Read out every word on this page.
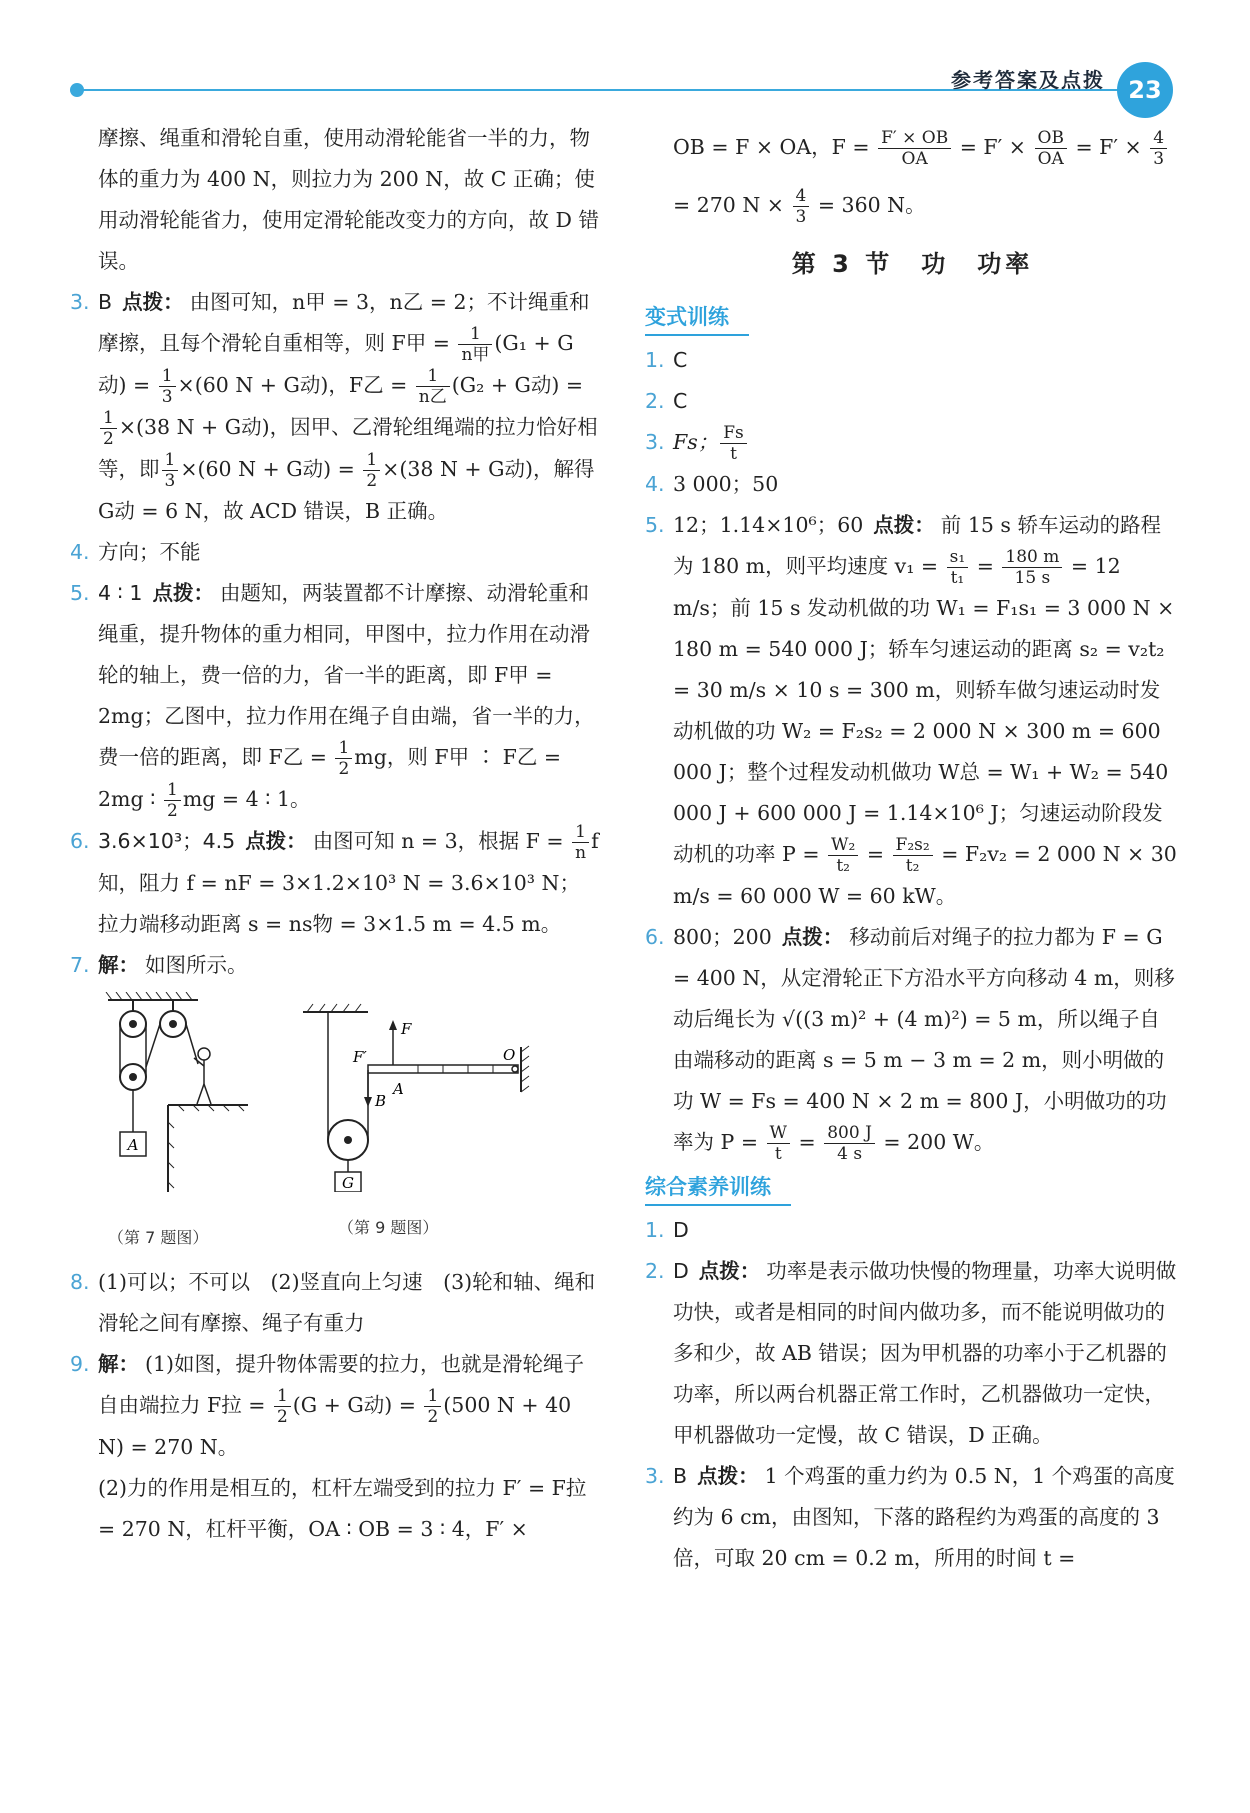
参考答案及点拨 23
摩擦、绳重和滑轮自重，使用动滑轮能省一半的力，物体的重力为 400 N，则拉力为 200 N，故 C 正确；使用动滑轮能省力，使用定滑轮能改变力的方向，故 D 错误。
3. B 点拨： 由图可知，n甲 = 3，n乙 = 2；不计绳重和摩擦，且每个滑轮自重相等，则 F甲 = $\frac{1}{\text{n甲}} (G_1 + G$动) = $\frac{1}{3} \times(60$ N + G动)，F乙 = $\frac{1}{\text{n乙}} (G_2 + G$动) =
$\frac{1}{2} \times(38$ N + G动)，因甲、乙滑轮组绳端的拉力恰好相等，即 $\frac{1}{3} \times(60$ N + G动) = $\frac{1}{2} \times(38$ N + G动)，解得 G动 = 6 N，故 ACD 错误，B 正确。
4. 方向；不能
5. 4 ∶ 1 点拨： 由题知，两装置都不计摩擦、动滑轮重和绳重，提升物体的重力相同，甲图中，拉力作用在动滑轮的轴上，费一倍的力，省一半的距离，即 F甲 = 2mg；乙图中，拉力作用在绳子自由端，省一半的力，费一倍的距离，即 F乙 = $\frac{1}{2}$ mg，则 F甲 ∶ F乙 = 2mg ∶ $\frac{1}{2}$ mg = 4 ∶ 1。
6. 3.6×10³；4.5 点拨： 由图可知 n = 3，根据 $F = \frac{1}{n}$ f 知，阻力 f = nF = 3×1.2×10³ N = 3.6×10³ N；拉力端移动距离 s = ns物 = 3×1.5 m = 4.5 m。
7. 解： 如图所示。
A
（第 7 题图）
G
F
F′
B
A
O
（第 9 题图）
8. (1)可以；不可以　(2)竖直向上匀速　(3)轮和轴、绳和滑轮之间有摩擦、绳子有重力
9. 解： (1)如图，提升物体需要的拉力，也就是滑轮绳子自由端拉力 F拉 = $\frac{1}{2} (G + G$动) = $\frac{1}{2} (500$ N + 40 N) = 270 N。
(2)力的作用是相互的，杠杆左端受到的拉力 F′ = F拉 = 270 N，杠杆平衡，OA ∶ OB = 3 ∶ 4，F′ ×
OB = F × OA，$F = \frac{F' \times OB}{OA} = F' \times \frac{OB}{OA} = F' \times \frac{4}{3}$
= 270 $N \times \frac{4}{3} = 360$ N。
第 3 节　功　功率
变式训练
1. C
2. C
3. Fs； $\frac{Fs}{t}$
4. 3 000；50
5. 12；1.14×10⁶；60 点拨： 前 15 s 轿车运动的路程为 180 m，则平均速度 $v_1 = \frac{\text{s₁}}{\text{t₁}} = \frac{180 m}{15 s} = 12$ m/s；前 15 s 发动机做的功 W₁ = F₁s₁ = 3 000 N × 180 m = 540 000 J；轿车匀速运动的距离 s₂ = v₂t₂ = 30 m/s × 10 s = 300 m，则轿车做匀速运动时发动机做的功 W₂ = F₂s₂ = 2 000 N × 300 m = 600 000 J；整个过程发动机做功 W总 = W₁ + W₂ = 540 000 J + 600 000 J = 1.14×10⁶ J；匀速运动阶段发动机的功率 $P = \frac{\text{W₂}}{\text{t₂}} = \frac{\text{F₂s₂}}{\text{t₂}} = F_2v_2 = 2$ 000 N × 30 m/s = 60 000 W = 60 kW。
6. 800；200 点拨： 移动前后对绳子的拉力都为 F = G = 400 N，从定滑轮正下方沿水平方向移动 4 m，则移动后绳长为 √((3 m)² + (4 m)²) = 5 m，所以绳子自由端移动的距离 s = 5 m − 3 m = 2 m，则小明做的功 W = Fs = 400 N × 2 m = 800 J，小明做功的功率为 $P = \frac{W}{t} = \frac{800 J}{4 s} = 200$ W。
综合素养训练
1. D
2. D 点拨： 功率是表示做功快慢的物理量，功率大说明做功快，或者是相同的时间内做功多，而不能说明做功的多和少，故 AB 错误；因为甲机器的功率小于乙机器的功率，所以两台机器正常工作时，乙机器做功一定快，甲机器做功一定慢，故 C 错误，D 正确。
3. B 点拨： 1 个鸡蛋的重力约为 0.5 N，1 个鸡蛋的高度约为 6 cm，由图知，下落的路程约为鸡蛋的高度的 3 倍，可取 20 cm = 0.2 m，所用的时间 t =
